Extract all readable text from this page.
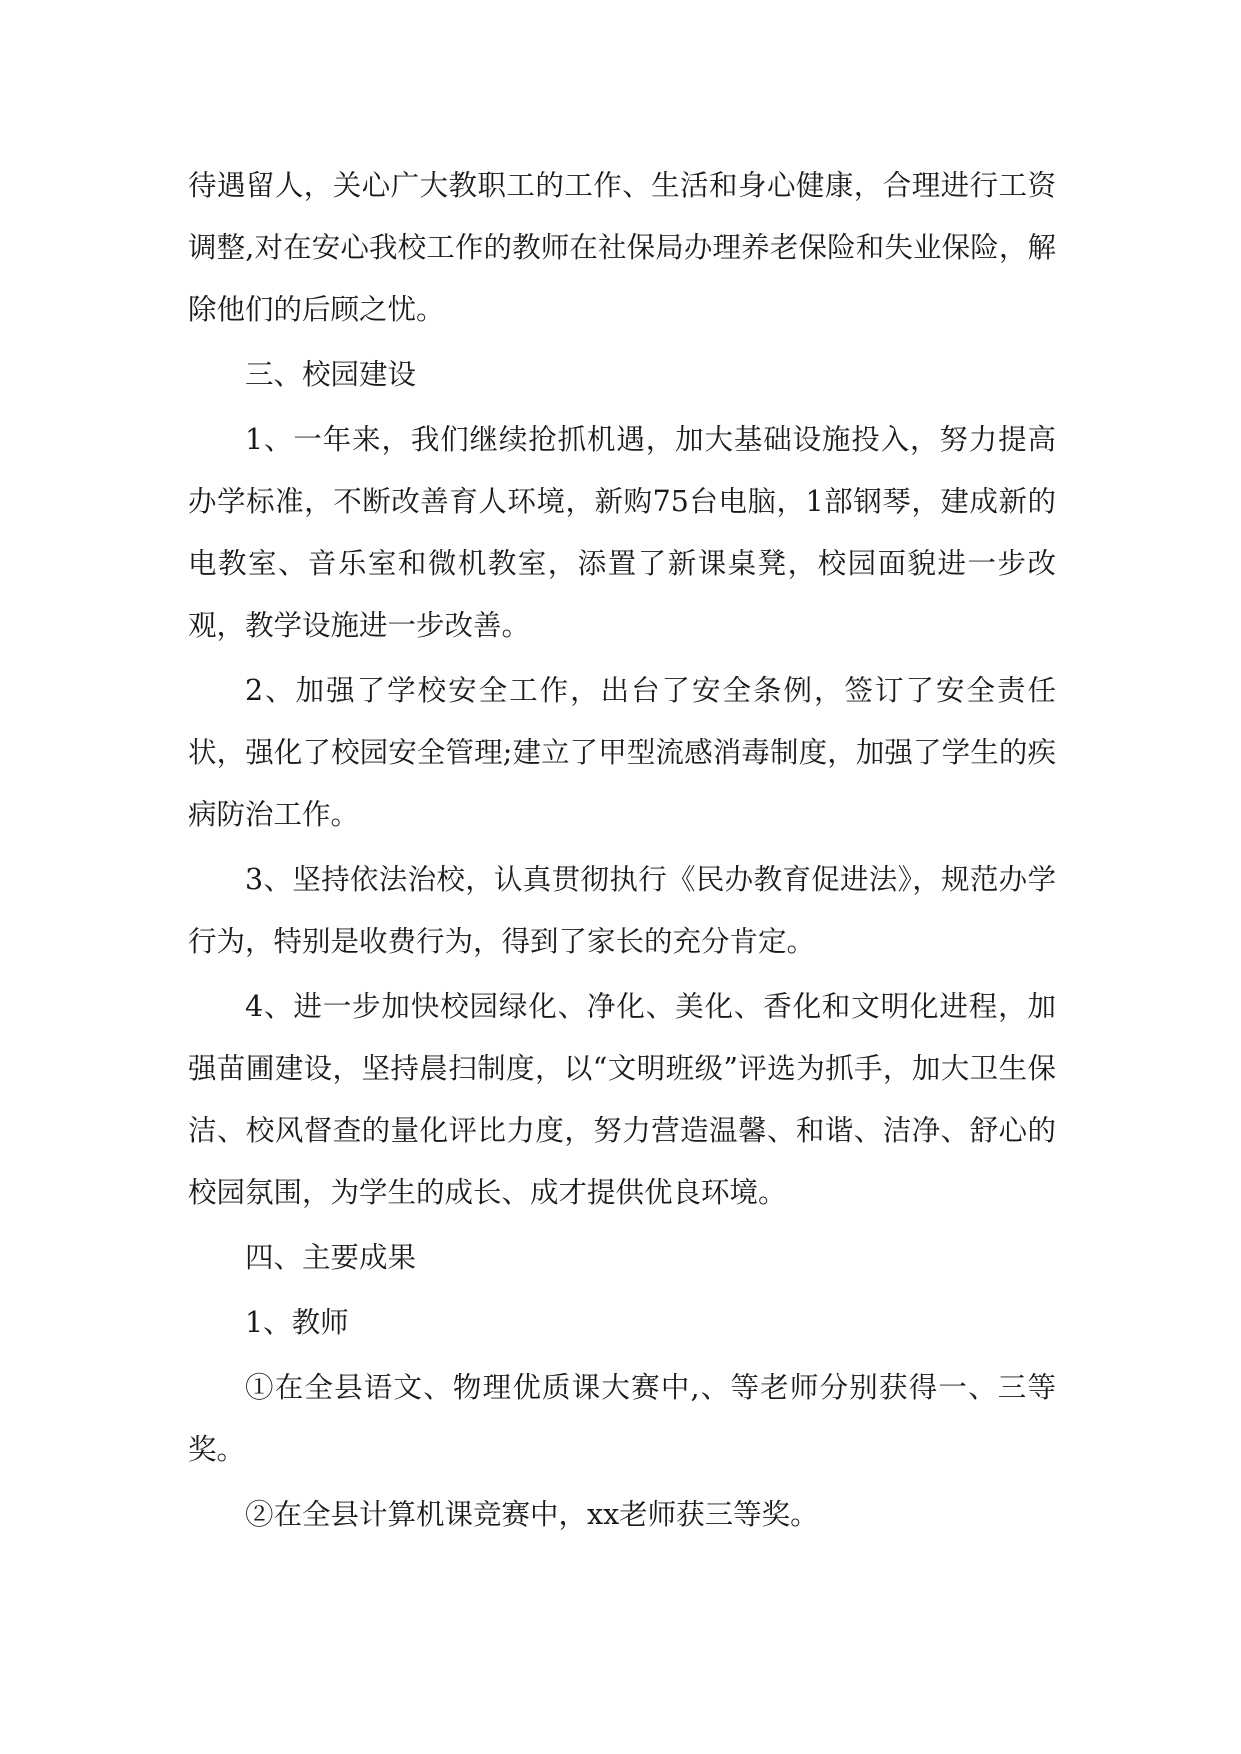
待遇留人，关心广大教职工的工作、生活和身心健康，合理进行工资调整,对在安心我校工作的教师在社保局办理养老保险和失业保险，解除他们的后顾之忧。

三、校园建设

1、一年来，我们继续抢抓机遇，加大基础设施投入，努力提高办学标准，不断改善育人环境，新购75台电脑，1部钢琴，建成新的电教室、音乐室和微机教室，添置了新课桌凳，校园面貌进一步改观，教学设施进一步改善。

2、加强了学校安全工作，出台了安全条例，签订了安全责任状，强化了校园安全管理;建立了甲型流感消毒制度，加强了学生的疾病防治工作。

3、坚持依法治校，认真贯彻执行《民办教育促进法》，规范办学行为，特别是收费行为，得到了家长的充分肯定。

4、进一步加快校园绿化、净化、美化、香化和文明化进程，加强苗圃建设，坚持晨扫制度，以“文明班级”评选为抓手，加大卫生保洁、校风督查的量化评比力度，努力营造温馨、和谐、洁净、舒心的校园氛围，为学生的成长、成才提供优良环境。

四、主要成果

1、教师

①在全县语文、物理优质课大赛中,、等老师分别获得一、三等奖。

②在全县计算机课竞赛中，xx老师获三等奖。
